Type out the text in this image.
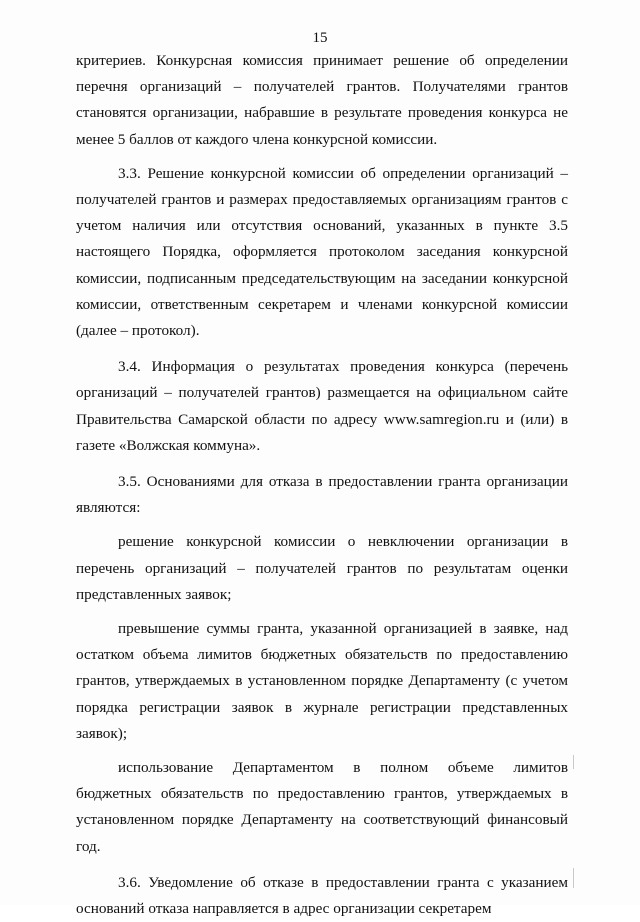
15

критериев. Конкурсная комиссия принимает решение об определении перечня организаций – получателей грантов. Получателями грантов становятся организации, набравшие в результате проведения конкурса не менее 5 баллов от каждого члена конкурсной комиссии.

3.3. Решение конкурсной комиссии об определении организаций – получателей грантов и размерах предоставляемых организациям грантов с учетом наличия или отсутствия оснований, указанных в пункте 3.5 настоящего Порядка, оформляется протоколом заседания конкурсной комиссии, подписанным председательствующим на заседании конкурсной комиссии, ответственным секретарем и членами конкурсной комиссии (далее – протокол).

3.4. Информация о результатах проведения конкурса (перечень организаций – получателей грантов) размещается на официальном сайте Правительства Самарской области по адресу www.samregion.ru и (или) в газете «Волжская коммуна».

3.5. Основаниями для отказа в предоставлении гранта организации являются:

решение конкурсной комиссии о невключении организации в перечень организаций – получателей грантов по результатам оценки представленных заявок;

превышение суммы гранта, указанной организацией в заявке, над остатком объема лимитов бюджетных обязательств по предоставлению грантов, утверждаемых в установленном порядке Департаменту (с учетом порядка регистрации заявок в журнале регистрации представленных заявок);

использование Департаментом в полном объеме лимитов бюджетных обязательств по предоставлению грантов, утверждаемых в установленном порядке Департаменту на соответствующий финансовый год.

3.6. Уведомление об отказе в предоставлении гранта с указанием оснований отказа направляется в адрес организации секретарем
